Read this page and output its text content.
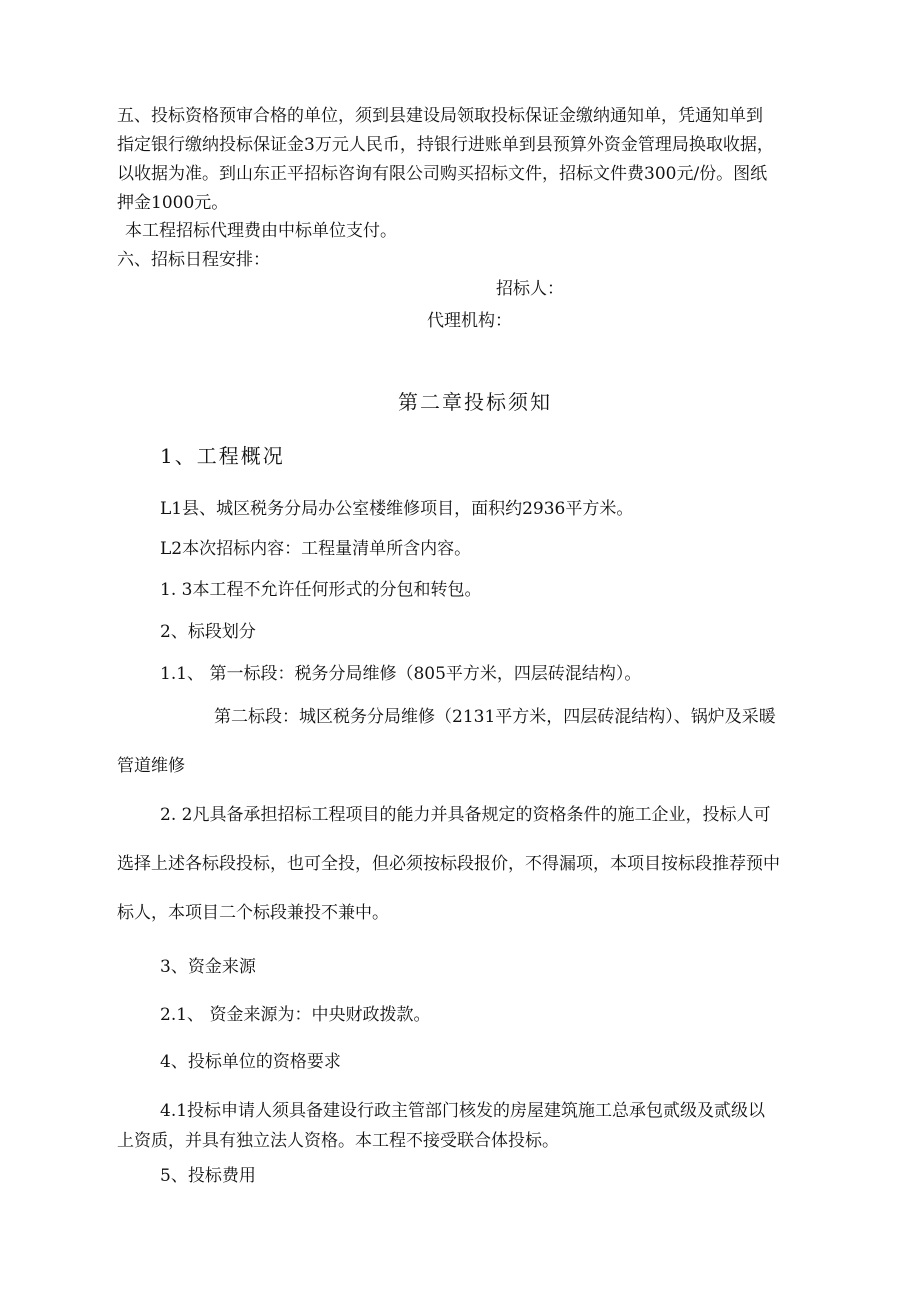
五、投标资格预审合格的单位，须到县建设局领取投标保证金缴纳通知单，凭通知单到
指定银行缴纳投标保证金3万元人民币，持银行进账单到县预算外资金管理局换取收据，
以收据为准。到山东正平招标咨询有限公司购买招标文件，招标文件费300元/份。图纸
押金1000元。
本工程招标代理费由中标单位支付。
六、招标日程安排：
招标人：
代理机构：
第二章投标须知
1、工程概况
L1县、城区税务分局办公室楼维修项目，面积约2936平方米。
L2本次招标内容：工程量清单所含内容。
1. 3本工程不允许任何形式的分包和转包。
2、标段划分
1.1、 第一标段：税务分局维修（805平方米，四层砖混结构）。
第二标段：城区税务分局维修（2131平方米，四层砖混结构）、锅炉及采暖
管道维修
2. 2凡具备承担招标工程项目的能力并具备规定的资格条件的施工企业，投标人可
选择上述各标段投标，也可全投，但必须按标段报价，不得漏项，本项目按标段推荐预中
标人，本项目二个标段兼投不兼中。
3、资金来源
2.1、 资金来源为：中央财政拨款。
4、投标单位的资格要求
4.1投标申请人须具备建设行政主管部门核发的房屋建筑施工总承包贰级及贰级以
上资质，并具有独立法人资格。本工程不接受联合体投标。
5、投标费用
